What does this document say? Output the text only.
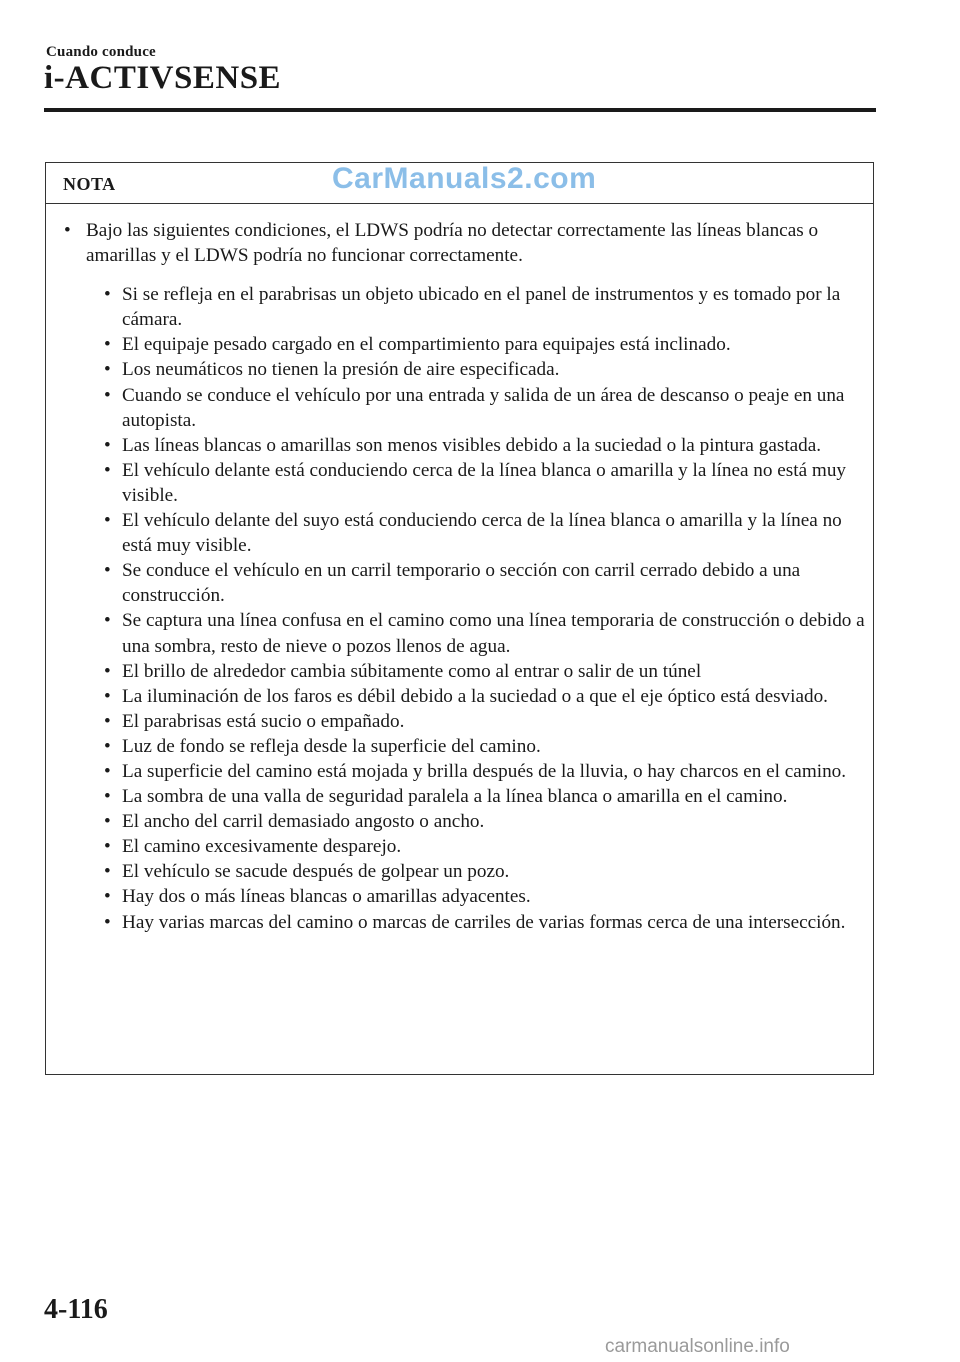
Cuando conduce
i-ACTIVSENSE
NOTA	CarManuals2.com

• Bajo las siguientes condiciones, el LDWS podría no detectar correctamente las líneas blancas o amarillas y el LDWS podría no funcionar correctamente.

• Si se refleja en el parabrisas un objeto ubicado en el panel de instrumentos y es tomado por la cámara.
• El equipaje pesado cargado en el compartimiento para equipajes está inclinado.
• Los neumáticos no tienen la presión de aire especificada.
• Cuando se conduce el vehículo por una entrada y salida de un área de descanso o peaje en una autopista.
• Las líneas blancas o amarillas son menos visibles debido a la suciedad o la pintura gastada.
• El vehículo delante está conduciendo cerca de la línea blanca o amarilla y la línea no está muy visible.
• El vehículo delante del suyo está conduciendo cerca de la línea blanca o amarilla y la línea no está muy visible.
• Se conduce el vehículo en un carril temporario o sección con carril cerrado debido a una construcción.
• Se captura una línea confusa en el camino como una línea temporaria de construcción o debido a una sombra, resto de nieve o pozos llenos de agua.
• El brillo de alrededor cambia súbitamente como al entrar o salir de un túnel
• La iluminación de los faros es débil debido a la suciedad o a que el eje óptico está desviado.
• El parabrisas está sucio o empañado.
• Luz de fondo se refleja desde la superficie del camino.
• La superficie del camino está mojada y brilla después de la lluvia, o hay charcos en el camino.
• La sombra de una valla de seguridad paralela a la línea blanca o amarilla en el camino.
• El ancho del carril demasiado angosto o ancho.
• El camino excesivamente desparejo.
• El vehículo se sacude después de golpear un pozo.
• Hay dos o más líneas blancas o amarillas adyacentes.
• Hay varias marcas del camino o marcas de carriles de varias formas cerca de una intersección.
4-116
carmanualsonline.info
